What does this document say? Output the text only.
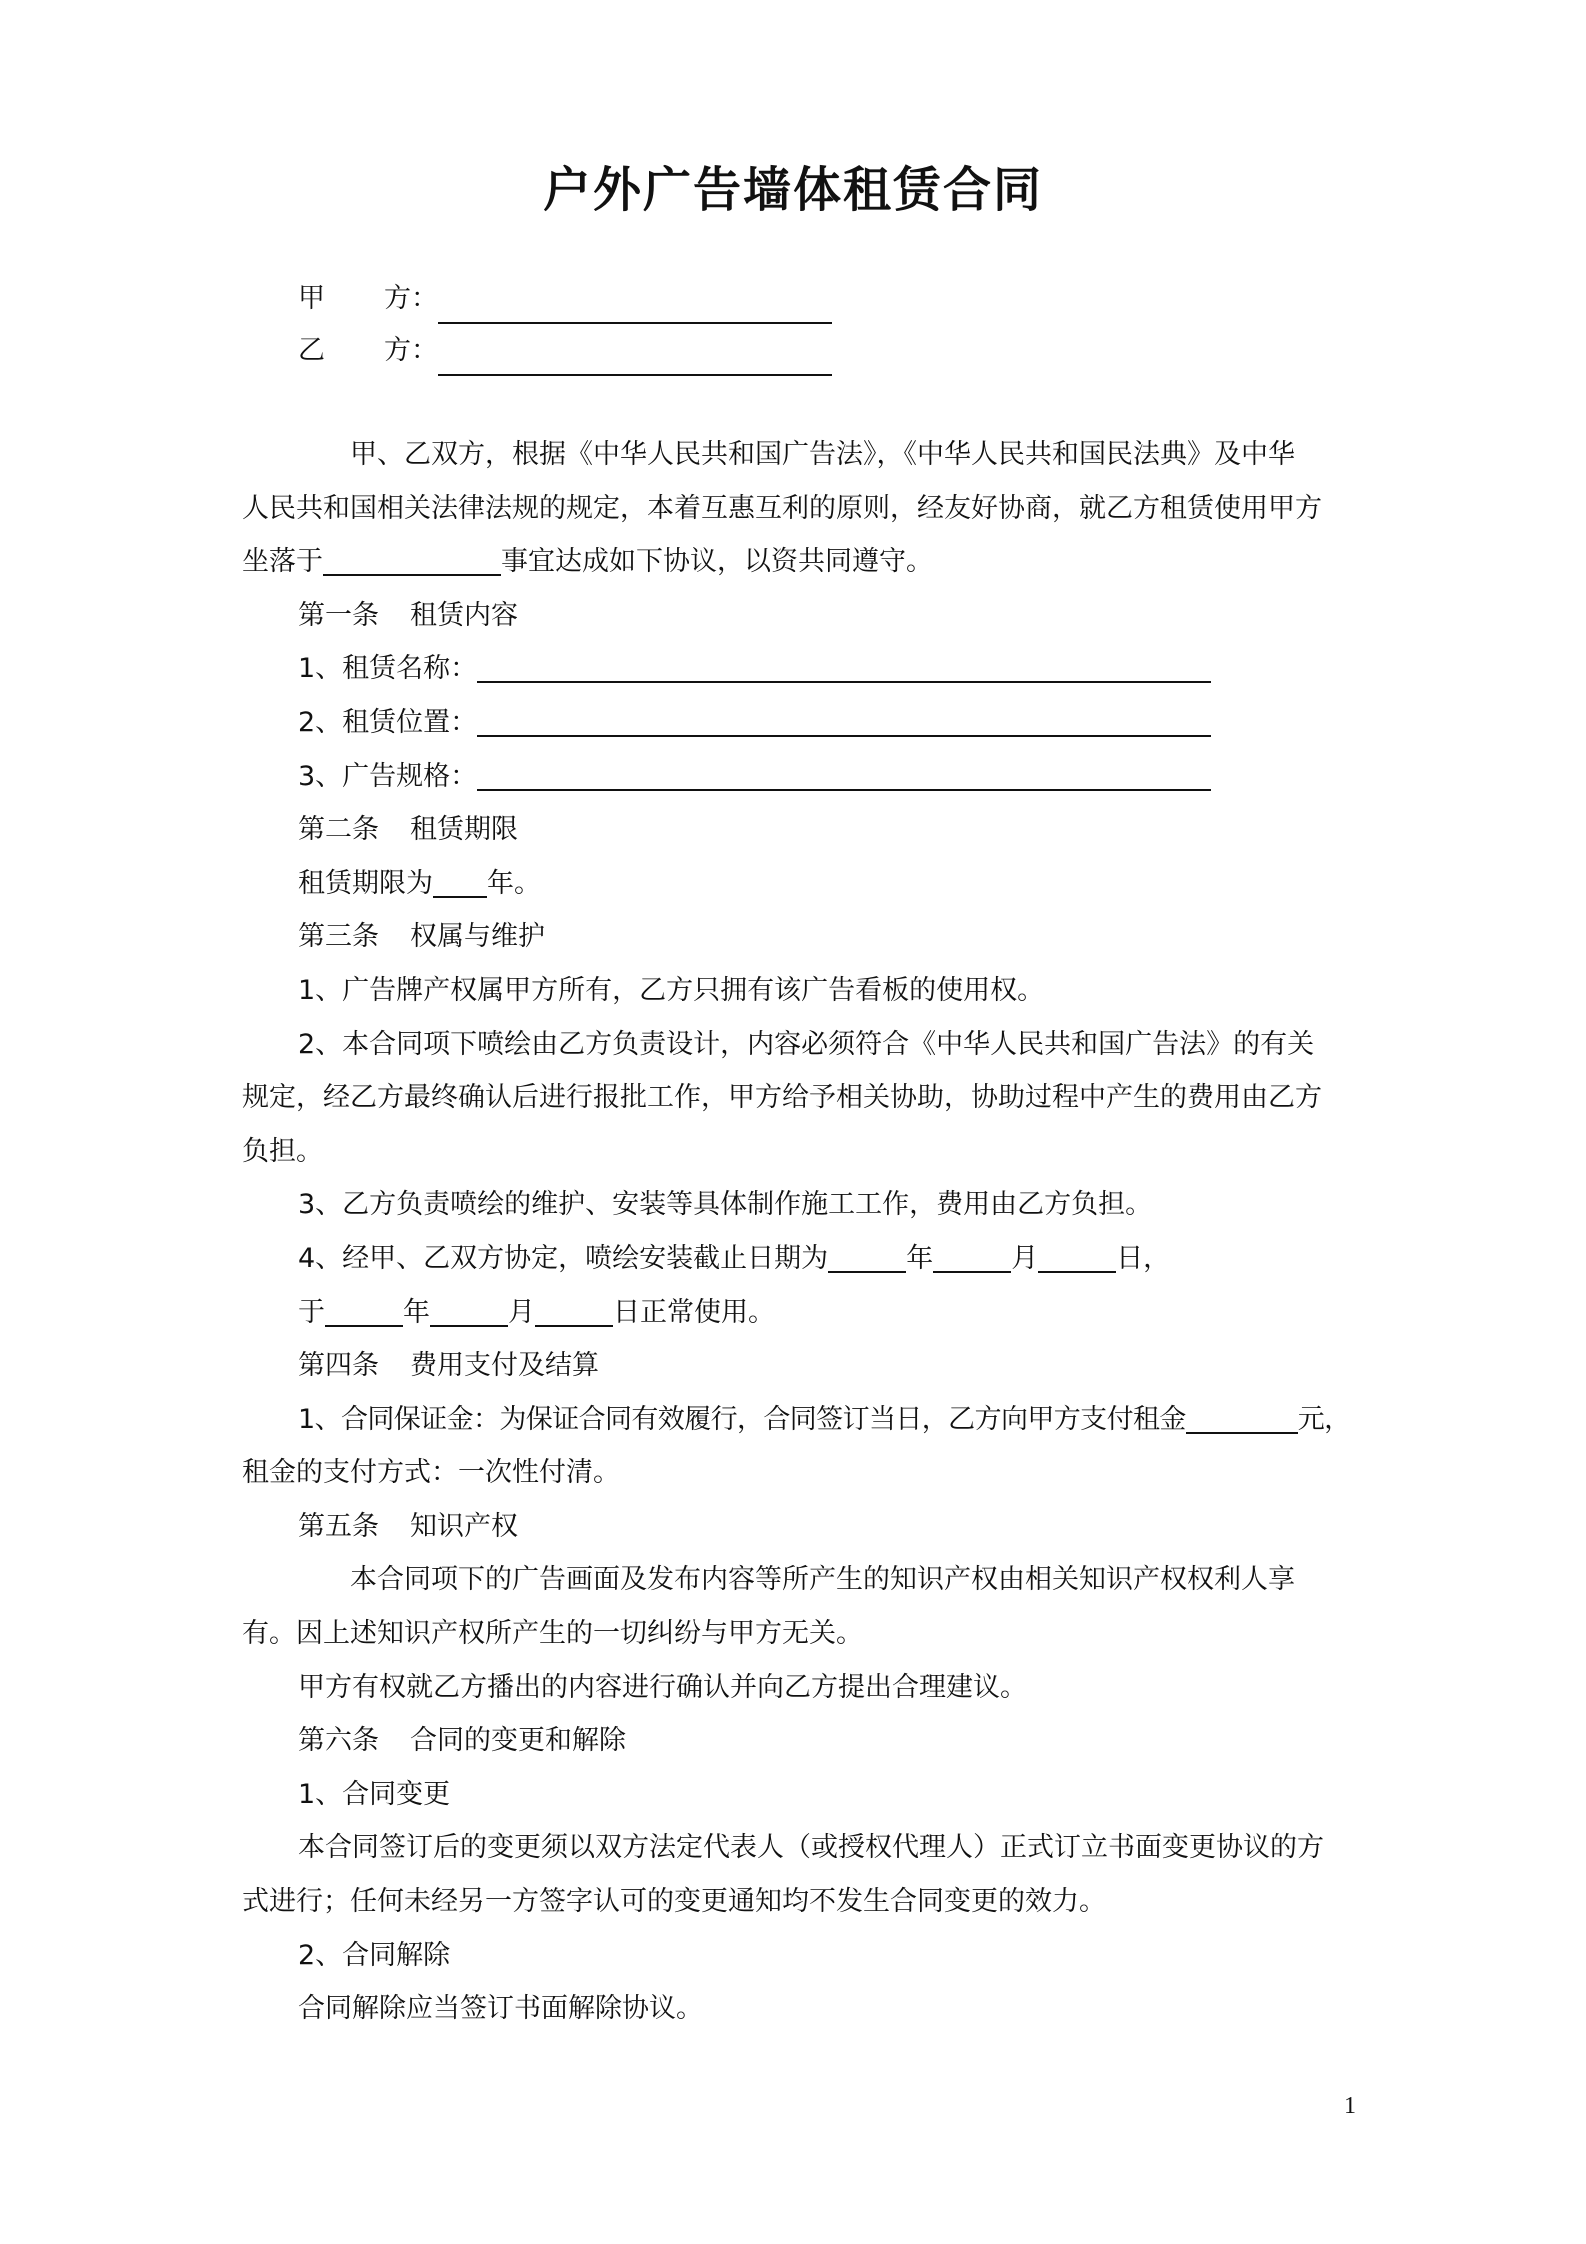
户外广告墙体租赁合同
甲 方：
乙 方：

甲、乙双方，根据《中华人民共和国广告法》，《中华人民共和国民法典》及中华

人民共和国相关法律法规的规定，本着互惠互利的原则，经友好协商，就乙方租赁使用甲方

坐落于	事宜达成如下协议，以资共同遵守。

第一条 租赁内容

1、租赁名称：

2、租赁位置：

3、广告规格：

第二条 租赁期限

租赁期限为 年。

第三条 权属与维护

1、广告牌产权属甲方所有，乙方只拥有该广告看板的使用权。

2、本合同项下喷绘由乙方负责设计，内容必须符合《中华人民共和国广告法》的有关

规定，经乙方最终确认后进行报批工作，甲方给予相关协助，协助过程中产生的费用由乙方

负担。

3、乙方负责喷绘的维护、安装等具体制作施工工作，费用由乙方负担。

4、经甲、乙双方协定，喷绘安装截止日期为	年	月	日，

于	年	月	日正常使用。

第四条 费用支付及结算

1、合同保证金：为保证合同有效履行，合同签订当日，乙方向甲方支付租金	元，

租金的支付方式：一次性付清。

第五条 知识产权

本合同项下的广告画面及发布内容等所产生的知识产权由相关知识产权权利人享

有。因上述知识产权所产生的一切纠纷与甲方无关。

甲方有权就乙方播出的内容进行确认并向乙方提出合理建议。

第六条 合同的变更和解除

1、合同变更

本合同签订后的变更须以双方法定代表人（或授权代理人）正式订立书面变更协议的方

式进行；任何未经另一方签字认可的变更通知均不发生合同变更的效力。

2、合同解除

合同解除应当签订书面解除协议。

1
